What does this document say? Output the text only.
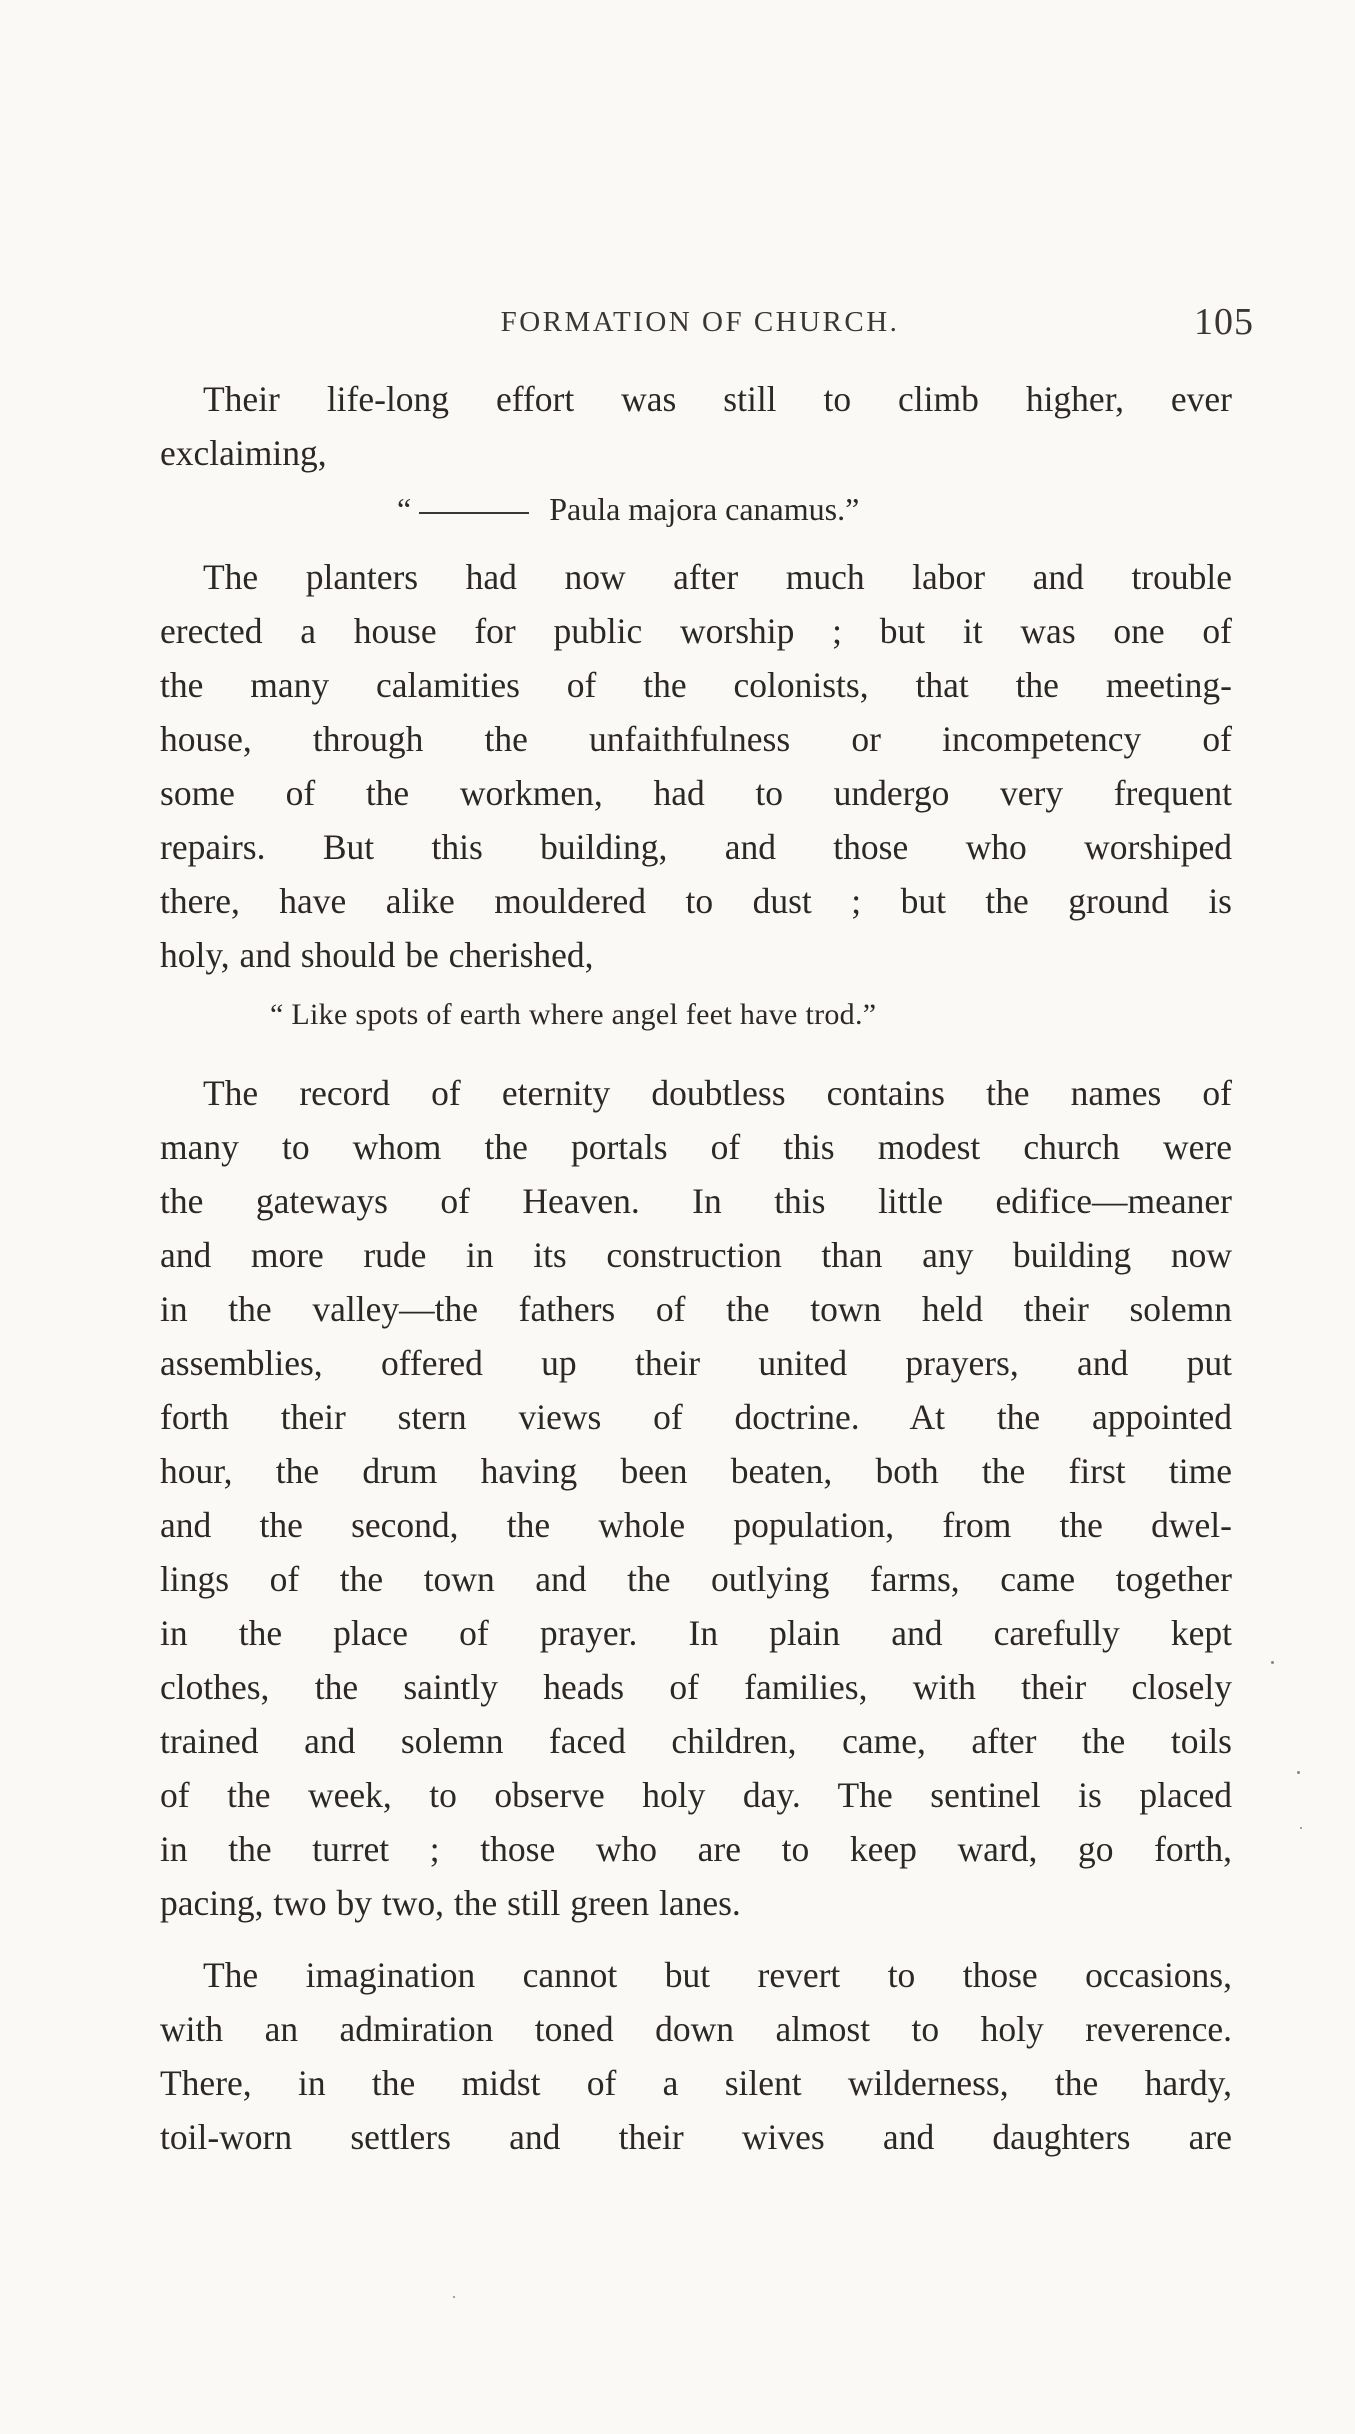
FORMATION OF CHURCH.	105
Their life-long effort was still to climb higher, ever
exclaiming,
“	Paula majora canamus.”
The planters had now after much labor and trouble
erected a house for public worship ; but it was one of
the many calamities of the colonists, that the meeting-
house, through the unfaithfulness or incompetency of
some of the workmen, had to undergo very frequent
repairs. But this building, and those who worshiped
there, have alike mouldered to dust ; but the ground is
holy, and should be cherished,
“ Like spots of earth where angel feet have trod.”
The record of eternity doubtless contains the names of
many to whom the portals of this modest church were
the gateways of Heaven. In this little edifice—meaner
and more rude in its construction than any building now
in the valley—the fathers of the town held their solemn
assemblies, offered up their united prayers, and put
forth their stern views of doctrine. At the appointed
hour, the drum having been beaten, both the first time
and the second, the whole population, from the dwel-
lings of the town and the outlying farms, came together
in the place of prayer. In plain and carefully kept
clothes, the saintly heads of families, with their closely
trained and solemn faced children, came, after the toils
of the week, to observe holy day. The sentinel is placed
in the turret ; those who are to keep ward, go forth,
pacing, two by two, the still green lanes.
The imagination cannot but revert to those occasions,
with an admiration toned down almost to holy reverence.
There, in the midst of a silent wilderness, the hardy,
toil-worn settlers and their wives and daughters are
